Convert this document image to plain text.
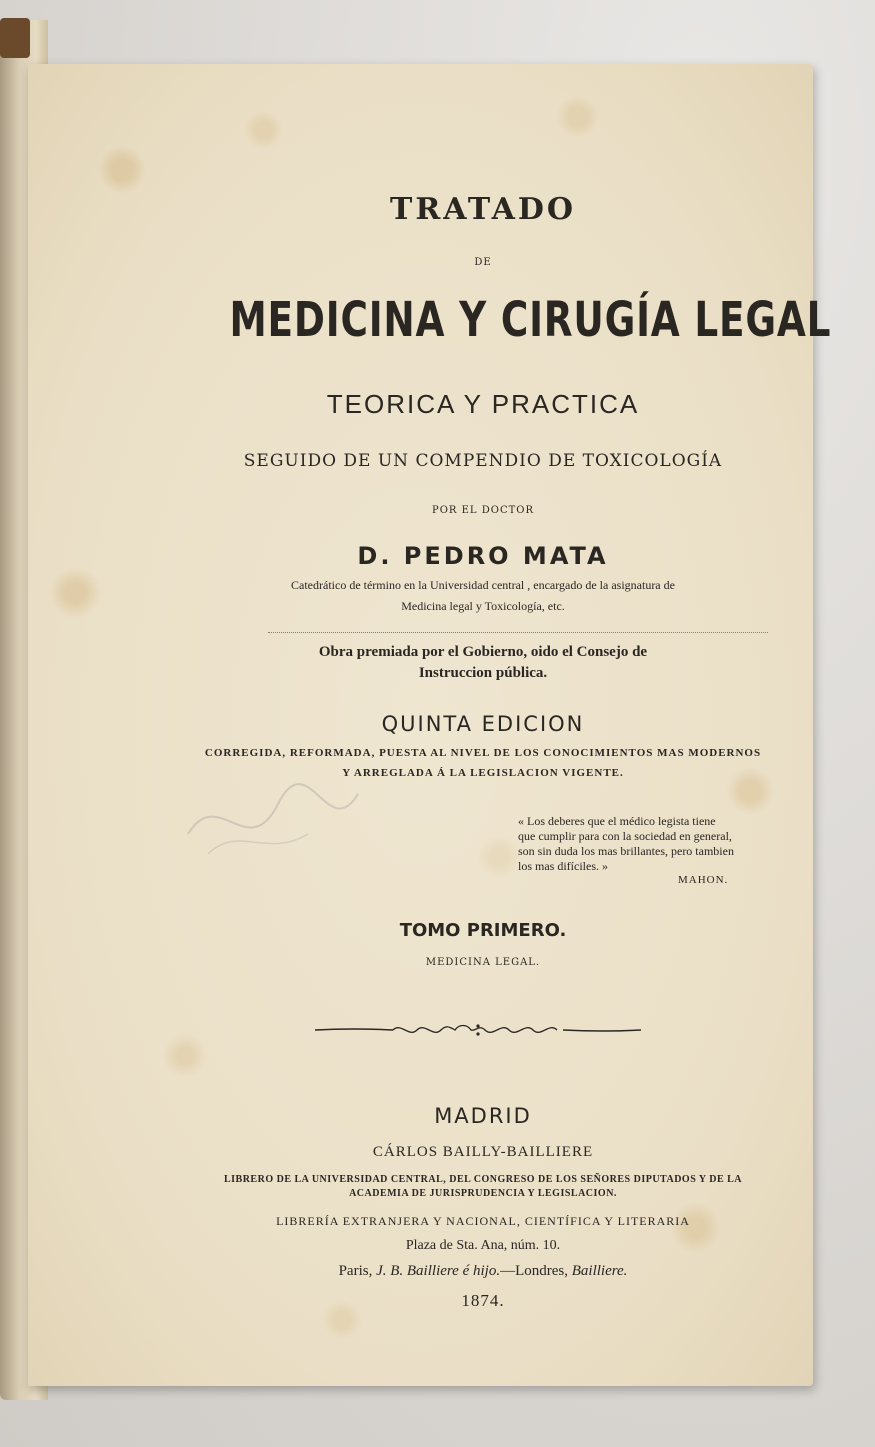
TRATADO
DE
MEDICINA Y CIRUGÍA LEGAL
TEORICA Y PRACTICA
SEGUIDO DE UN COMPENDIO DE TOXICOLOGÍA
POR EL DOCTOR
D. PEDRO MATA
Catedrático de término en la Universidad central , encargado de la asignatura de
Medicina legal y Toxicología, etc.
Obra premiada por el Gobierno, oido el Consejo de
Instruccion pública.
QUINTA EDICION
CORREGIDA, REFORMADA, PUESTA AL NIVEL DE LOS CONOCIMIENTOS MAS MODERNOS
Y ARREGLADA Á LA LEGISLACION VIGENTE.
« Los deberes que el médico legista tiene
que cumplir para con la sociedad en general,
son sin duda los mas brillantes, pero tambien
los mas difíciles. »
MAHON.
TOMO PRIMERO.
MEDICINA LEGAL.
MADRID
CÁRLOS BAILLY-BAILLIERE
LIBRERO DE LA UNIVERSIDAD CENTRAL, DEL CONGRESO DE LOS SEÑORES DIPUTADOS Y DE LA
ACADEMIA DE JURISPRUDENCIA Y LEGISLACION.
LIBRERÍA EXTRANJERA Y NACIONAL, CIENTÍFICA Y LITERARIA
Plaza de Sta. Ana, núm. 10.
Paris, J. B. Bailliere é hijo.—Londres, Bailliere.
1874.
